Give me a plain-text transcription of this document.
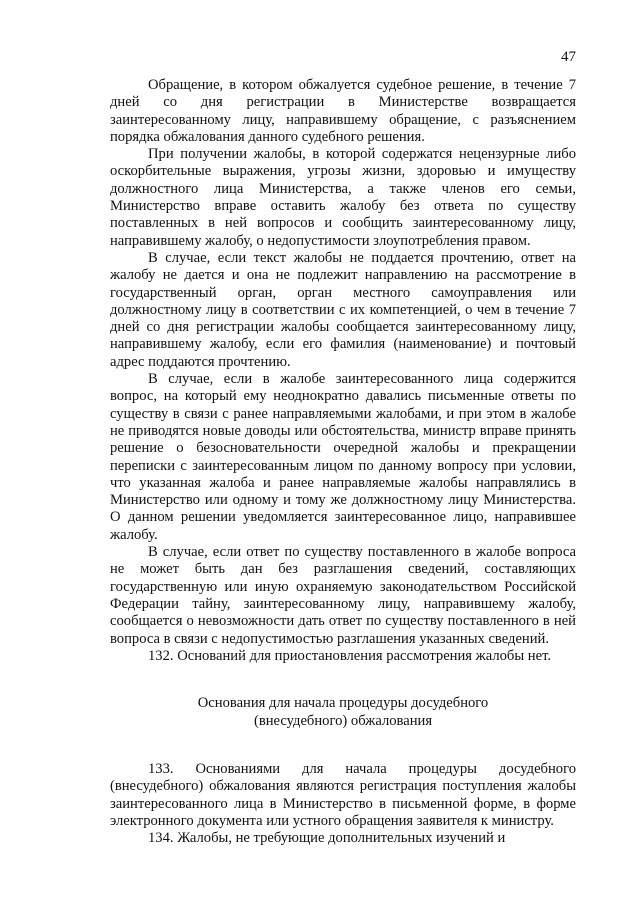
47

Обращение, в котором обжалуется судебное решение, в течение 7 дней со дня регистрации в Министерстве возвращается заинтересованному лицу, направившему обращение, с разъяснением порядка обжалования данного судебного решения.

При получении жалобы, в которой содержатся нецензурные либо оскорбительные выражения, угрозы жизни, здоровью и имуществу должностного лица Министерства, а также членов его семьи, Министерство вправе оставить жалобу без ответа по существу поставленных в ней вопросов и сообщить заинтересованному лицу, направившему жалобу, о недопустимости злоупотребления правом.

В случае, если текст жалобы не поддается прочтению, ответ на жалобу не дается и она не подлежит направлению на рассмотрение в государственный орган, орган местного самоуправления или должностному лицу в соответствии с их компетенцией, о чем в течение 7 дней со дня регистрации жалобы сообщается заинтересованному лицу, направившему жалобу, если его фамилия (наименование) и почтовый адрес поддаются прочтению.

В случае, если в жалобе заинтересованного лица содержится вопрос, на который ему неоднократно давались письменные ответы по существу в связи с ранее направляемыми жалобами, и при этом в жалобе не приводятся новые доводы или обстоятельства, министр вправе принять решение о безосновательности очередной жалобы и прекращении переписки с заинтересованным лицом по данному вопросу при условии, что указанная жалоба и ранее направляемые жалобы направлялись в Министерство или одному и тому же должностному лицу Министерства. О данном решении уведомляется заинтересованное лицо, направившее жалобу.

В случае, если ответ по существу поставленного в жалобе вопроса не может быть дан без разглашения сведений, составляющих государственную или иную охраняемую законодательством Российской Федерации тайну, заинтересованному лицу, направившему жалобу, сообщается о невозможности дать ответ по существу поставленного в ней вопроса в связи с недопустимостью разглашения указанных сведений.

132. Оснований для приостановления рассмотрения жалобы нет.

Основания для начала процедуры досудебного
(внесудебного) обжалования

133. Основаниями для начала процедуры досудебного (внесудебного) обжалования являются регистрация поступления жалобы заинтересованного лица в Министерство в письменной форме, в форме электронного документа или устного обращения заявителя к министру.

134. Жалобы, не требующие дополнительных изучений и
